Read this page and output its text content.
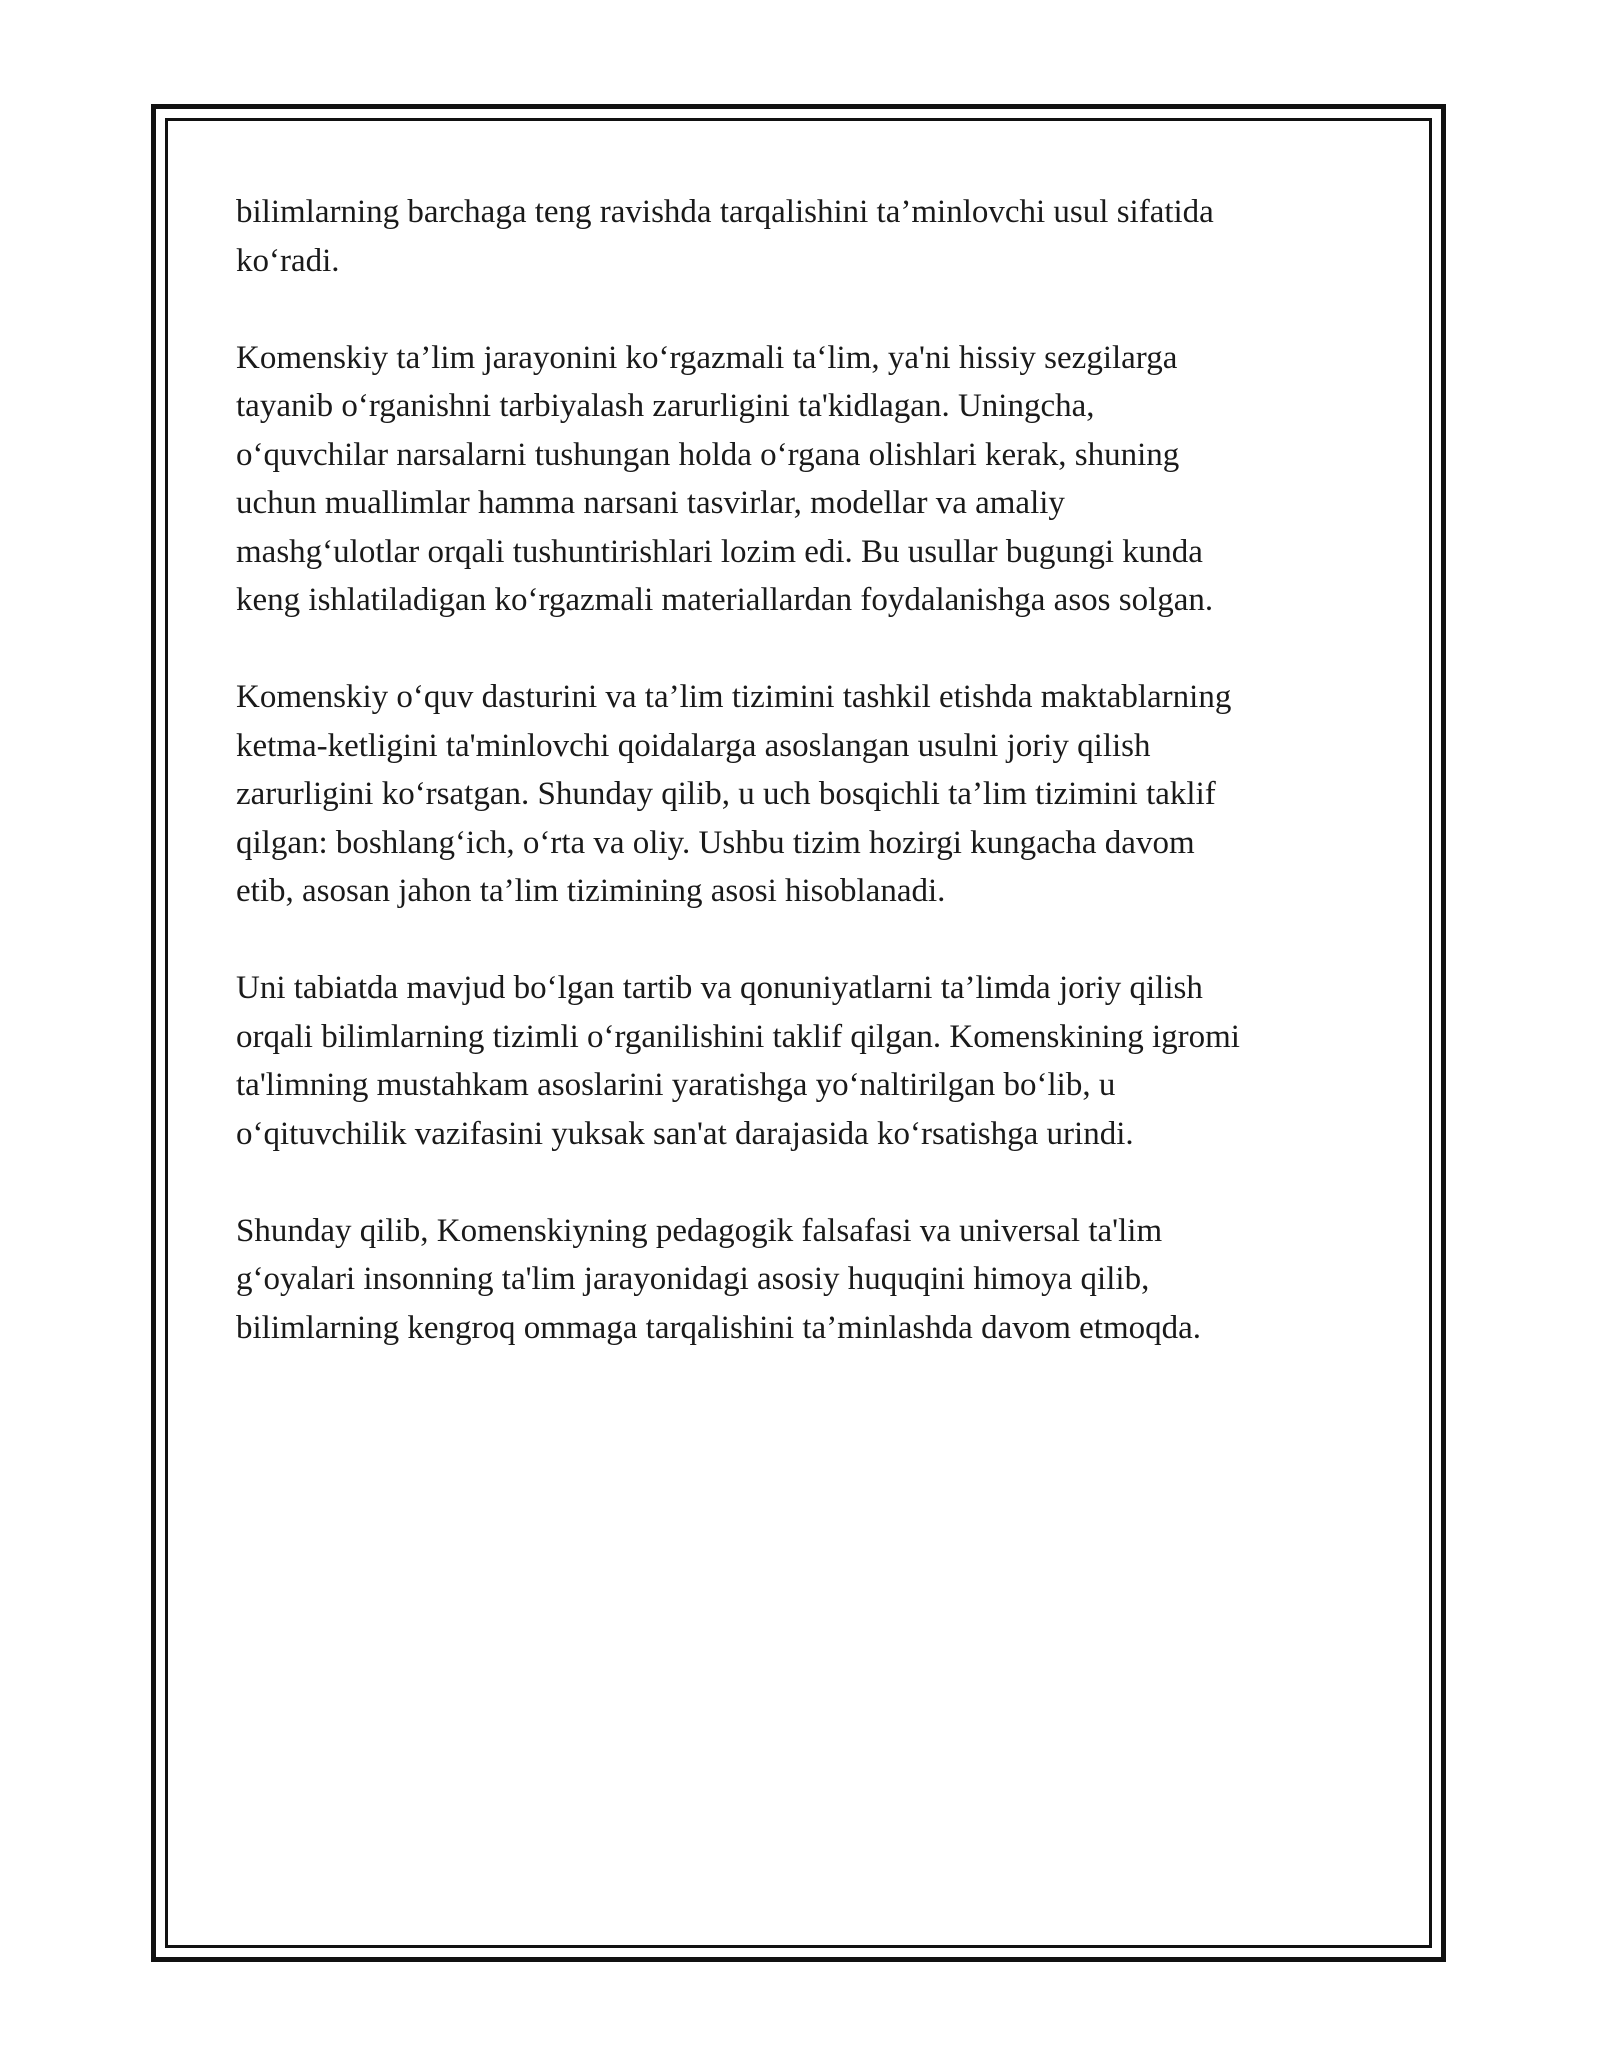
bilimlarning barchaga teng ravishda tarqalishini ta’minlovchi usul sifatida
ko‘radi.

Komenskiy ta’lim jarayonini ko‘rgazmali ta‘lim, ya'ni hissiy sezgilarga
tayanib o‘rganishni tarbiyalash zarurligini ta'kidlagan. Uningcha,
o‘quvchilar narsalarni tushungan holda o‘rgana olishlari kerak, shuning
uchun muallimlar hamma narsani tasvirlar, modellar va amaliy
mashg‘ulotlar orqali tushuntirishlari lozim edi. Bu usullar bugungi kunda
keng ishlatiladigan ko‘rgazmali materiallardan foydalanishga asos solgan.

Komenskiy o‘quv dasturini va ta’lim tizimini tashkil etishda maktablarning
ketma-ketligini ta'minlovchi qoidalarga asoslangan usulni joriy qilish
zarurligini ko‘rsatgan. Shunday qilib, u uch bosqichli ta’lim tizimini taklif
qilgan: boshlang‘ich, o‘rta va oliy. Ushbu tizim hozirgi kungacha davom
etib, asosan jahon ta’lim tizimining asosi hisoblanadi.

Uni tabiatda mavjud bo‘lgan tartib va qonuniyatlarni ta’limda joriy qilish
orqali bilimlarning tizimli o‘rganilishini taklif qilgan. Komenskining igromi
ta'limning mustahkam asoslarini yaratishga yo‘naltirilgan bo‘lib, u
o‘qituvchilik vazifasini yuksak san'at darajasida ko‘rsatishga urindi.

Shunday qilib, Komenskiyning pedagogik falsafasi va universal ta'lim
g‘oyalari insonning ta'lim jarayonidagi asosiy huquqini himoya qilib,
bilimlarning kengroq ommaga tarqalishini ta’minlashda davom etmoqda.
